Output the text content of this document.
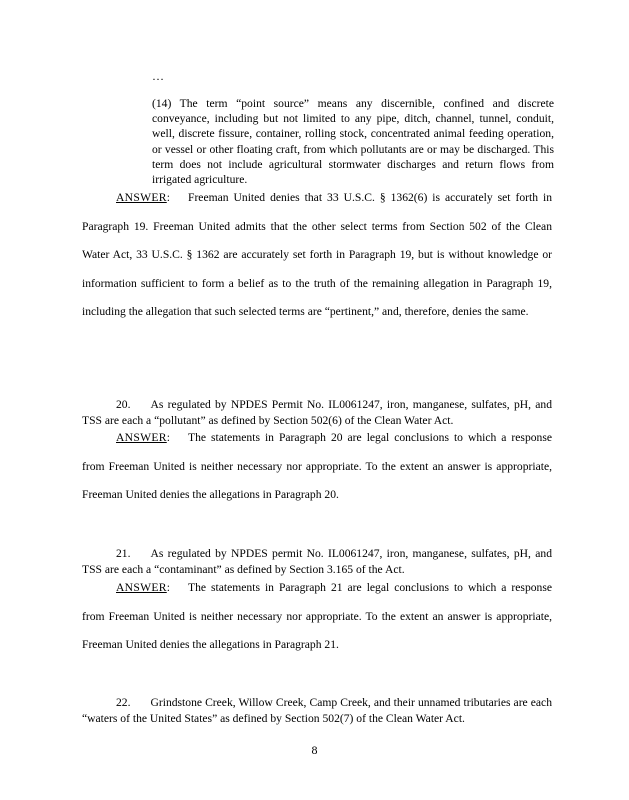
…
(14) The term “point source” means any discernible, confined and discrete conveyance, including but not limited to any pipe, ditch, channel, tunnel, conduit, well, discrete fissure, container, rolling stock, concentrated animal feeding operation, or vessel or other floating craft, from which pollutants are or may be discharged. This term does not include agricultural stormwater discharges and return flows from irrigated agriculture.
ANSWER: Freeman United denies that 33 U.S.C. § 1362(6) is accurately set forth in Paragraph 19. Freeman United admits that the other select terms from Section 502 of the Clean Water Act, 33 U.S.C. § 1362 are accurately set forth in Paragraph 19, but is without knowledge or information sufficient to form a belief as to the truth of the remaining allegation in Paragraph 19, including the allegation that such selected terms are “pertinent,” and, therefore, denies the same.
20. As regulated by NPDES Permit No. IL0061247, iron, manganese, sulfates, pH, and TSS are each a “pollutant” as defined by Section 502(6) of the Clean Water Act.
ANSWER: The statements in Paragraph 20 are legal conclusions to which a response from Freeman United is neither necessary nor appropriate. To the extent an answer is appropriate, Freeman United denies the allegations in Paragraph 20.
21. As regulated by NPDES permit No. IL0061247, iron, manganese, sulfates, pH, and TSS are each a “contaminant” as defined by Section 3.165 of the Act.
ANSWER: The statements in Paragraph 21 are legal conclusions to which a response from Freeman United is neither necessary nor appropriate. To the extent an answer is appropriate, Freeman United denies the allegations in Paragraph 21.
22. Grindstone Creek, Willow Creek, Camp Creek, and their unnamed tributaries are each “waters of the United States” as defined by Section 502(7) of the Clean Water Act.
8
